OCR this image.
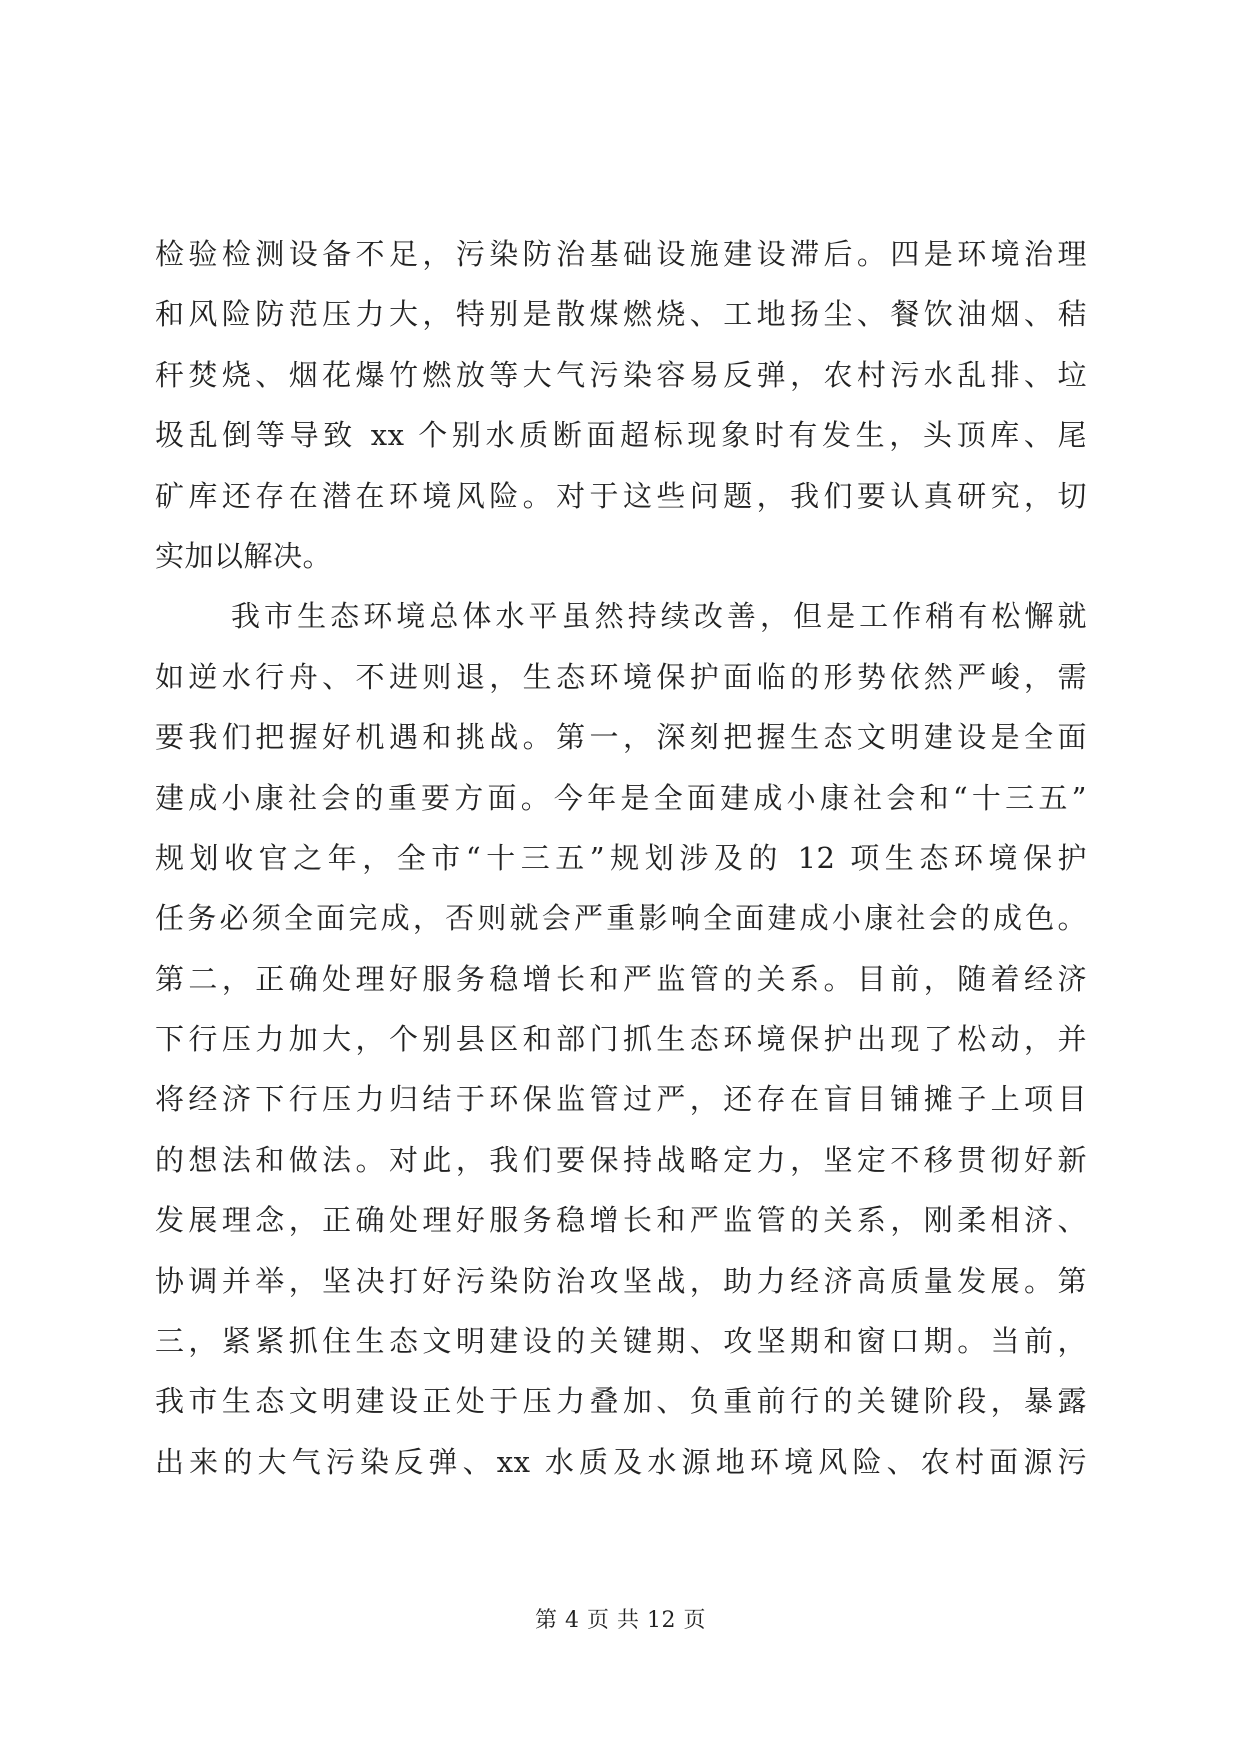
检验检测设备不足，污染防治基础设施建设滞后。四是环境治理
和风险防范压力大，特别是散煤燃烧、工地扬尘、餐饮油烟、秸
秆焚烧、烟花爆竹燃放等大气污染容易反弹，农村污水乱排、垃
圾乱倒等导致 xx 个别水质断面超标现象时有发生，头顶库、尾
矿库还存在潜在环境风险。对于这些问题，我们要认真研究，切
实加以解决。
我市生态环境总体水平虽然持续改善，但是工作稍有松懈就
如逆水行舟、不进则退，生态环境保护面临的形势依然严峻，需
要我们把握好机遇和挑战。第一，深刻把握生态文明建设是全面
建成小康社会的重要方面。今年是全面建成小康社会和“十三五”
规划收官之年，全市“十三五”规划涉及的 12 项生态环境保护
任务必须全面完成，否则就会严重影响全面建成小康社会的成色。
第二，正确处理好服务稳增长和严监管的关系。目前，随着经济
下行压力加大，个别县区和部门抓生态环境保护出现了松动，并
将经济下行压力归结于环保监管过严，还存在盲目铺摊子上项目
的想法和做法。对此，我们要保持战略定力，坚定不移贯彻好新
发展理念，正确处理好服务稳增长和严监管的关系，刚柔相济、
协调并举，坚决打好污染防治攻坚战，助力经济高质量发展。第
三，紧紧抓住生态文明建设的关键期、攻坚期和窗口期。当前，
我市生态文明建设正处于压力叠加、负重前行的关键阶段，暴露
出来的大气污染反弹、xx 水质及水源地环境风险、农村面源污
第 4 页 共 12 页
